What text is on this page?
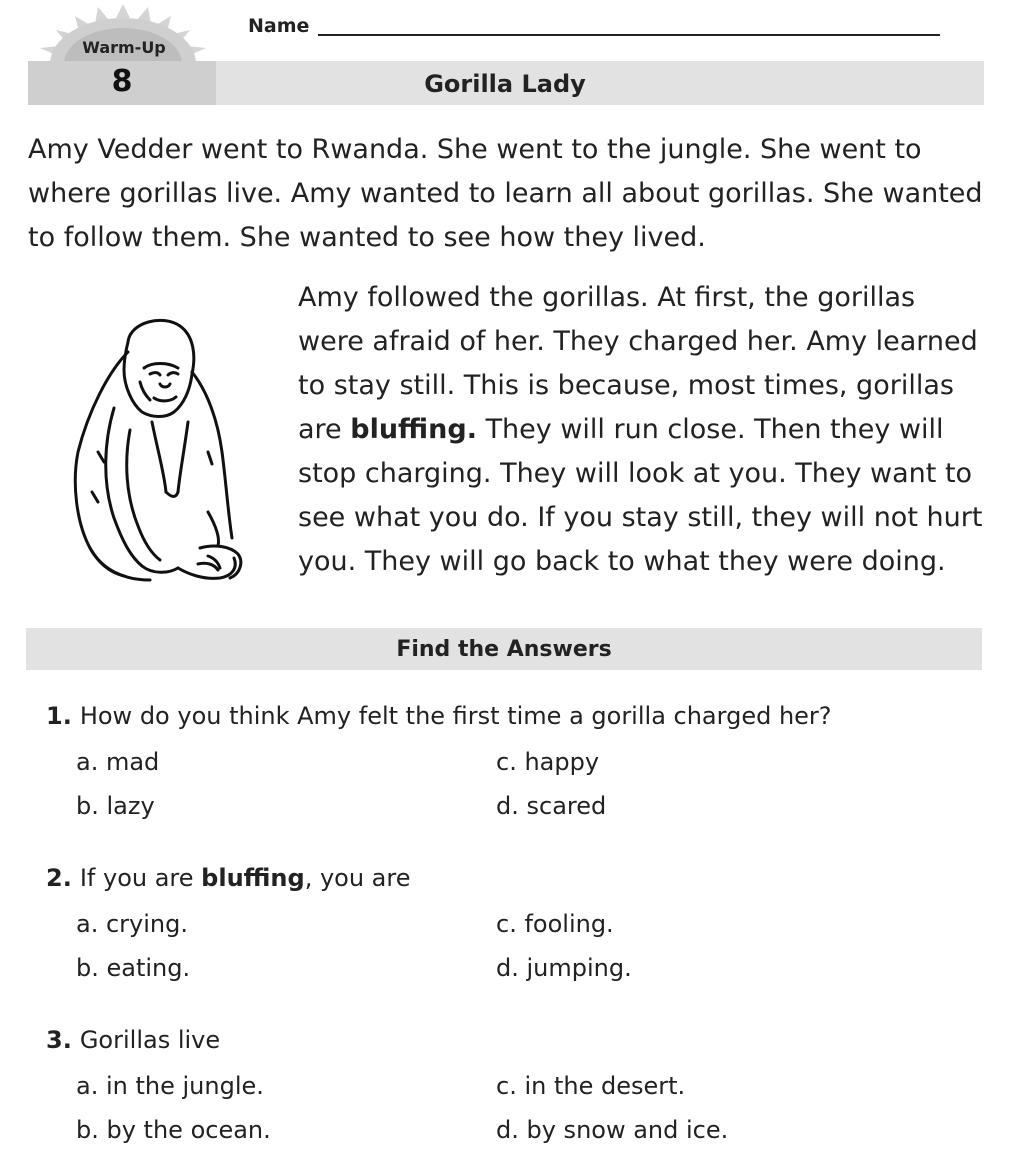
Warm-Up
Name
8	Gorilla Lady

Amy Vedder went to Rwanda. She went to the jungle. She went to where gorillas live. Amy wanted to learn all about gorillas. She wanted to follow them. She wanted to see how they lived.

Amy followed the gorillas. At first, the gorillas were afraid of her. They charged her. Amy learned to stay still. This is because, most times, gorillas are bluffing. They will run close. Then they will stop charging. They will look at you. They want to see what you do. If you stay still, they will not hurt you. They will go back to what they were doing.

Find the Answers
1. How do you think Amy felt the first time a gorilla charged her?
a. mad	c. happy
b. lazy	d. scared
2. If you are bluffing, you are
a. crying.	c. fooling.
b. eating.	d. jumping.
3. Gorillas live
a. in the jungle.	c. in the desert.
b. by the ocean.	d. by snow and ice.
